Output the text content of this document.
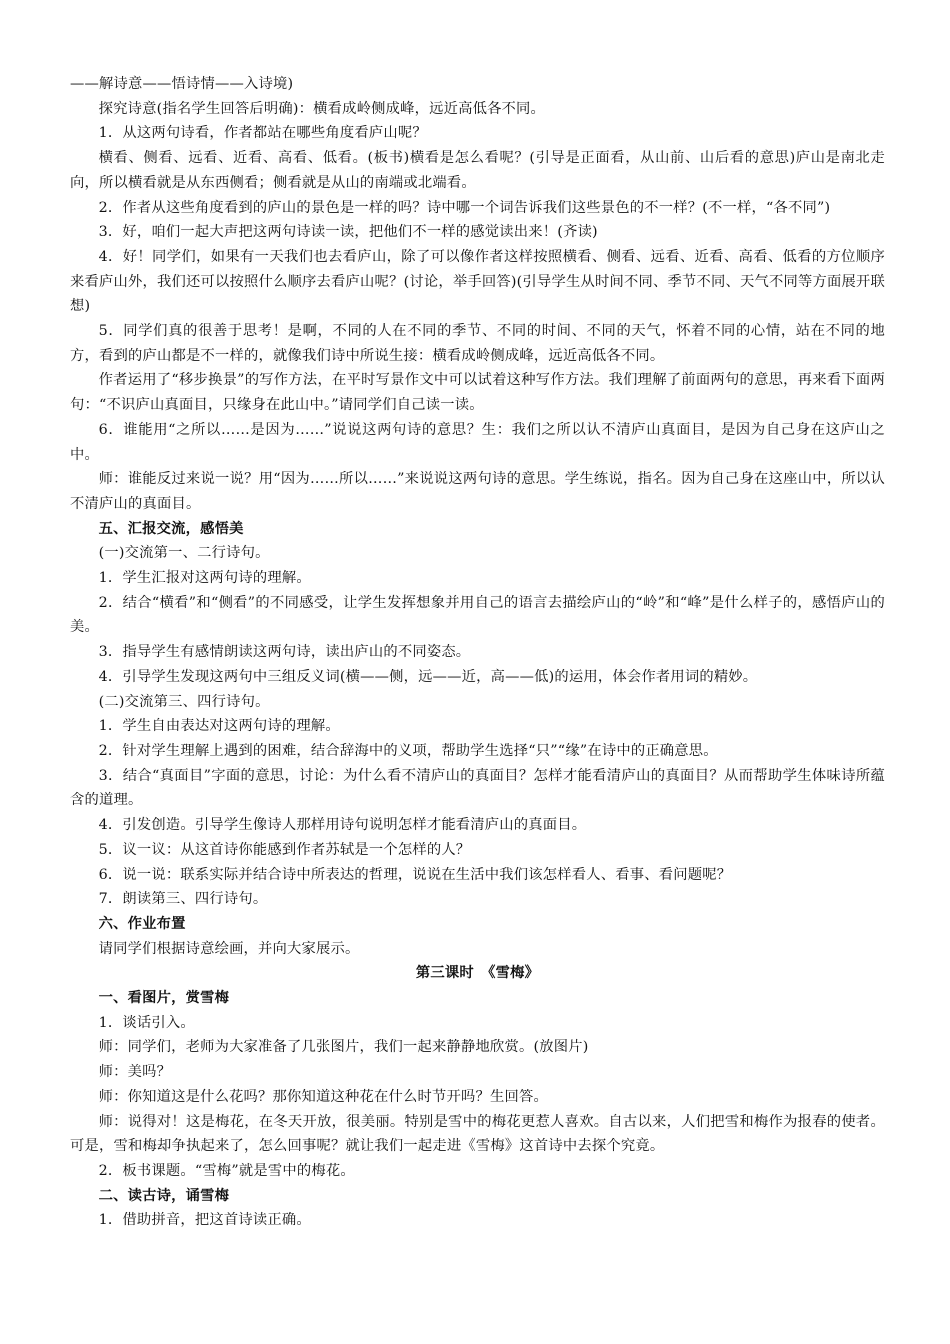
——解诗意——悟诗情——入诗境)

探究诗意(指名学生回答后明确)：横看成岭侧成峰，远近高低各不同。

1．从这两句诗看，作者都站在哪些角度看庐山呢？

横看、侧看、远看、近看、高看、低看。(板书)横看是怎么看呢？(引导是正面看，从山前、山后看的意思)庐山是南北走向，所以横看就是从东西侧看；侧看就是从山的南端或北端看。

2．作者从这些角度看到的庐山的景色是一样的吗？诗中哪一个词告诉我们这些景色的不一样？(不一样，“各不同”)

3．好，咱们一起大声把这两句诗读一读，把他们不一样的感觉读出来！(齐读)

4．好！同学们，如果有一天我们也去看庐山，除了可以像作者这样按照横看、侧看、远看、近看、高看、低看的方位顺序来看庐山外，我们还可以按照什么顺序去看庐山呢？(讨论，举手回答)(引导学生从时间不同、季节不同、天气不同等方面展开联想)

5．同学们真的很善于思考！是啊，不同的人在不同的季节、不同的时间、不同的天气，怀着不同的心情，站在不同的地方，看到的庐山都是不一样的，就像我们诗中所说生接：横看成岭侧成峰，远近高低各不同。

作者运用了“移步换景”的写作方法，在平时写景作文中可以试着这种写作方法。我们理解了前面两句的意思，再来看下面两句：“不识庐山真面目，只缘身在此山中。”请同学们自己读一读。

6．谁能用“之所以……是因为……”说说这两句诗的意思？生：我们之所以认不清庐山真面目，是因为自己身在这庐山之中。

师：谁能反过来说一说？用“因为……所以……”来说说这两句诗的意思。学生练说，指名。因为自己身在这座山中，所以认不清庐山的真面目。

五、汇报交流，感悟美

(一)交流第一、二行诗句。

1．学生汇报对这两句诗的理解。

2．结合“横看”和“侧看”的不同感受，让学生发挥想象并用自己的语言去描绘庐山的“岭”和“峰”是什么样子的，感悟庐山的美。

3．指导学生有感情朗读这两句诗，读出庐山的不同姿态。

4．引导学生发现这两句中三组反义词(横——侧，远——近，高——低)的运用，体会作者用词的精妙。

(二)交流第三、四行诗句。

1．学生自由表达对这两句诗的理解。

2．针对学生理解上遇到的困难，结合辞海中的义项，帮助学生选择“只”“缘”在诗中的正确意思。

3．结合“真面目”字面的意思，讨论：为什么看不清庐山的真面目？怎样才能看清庐山的真面目？从而帮助学生体味诗所蕴含的道理。

4．引发创造。引导学生像诗人那样用诗句说明怎样才能看清庐山的真面目。

5．议一议：从这首诗你能感到作者苏轼是一个怎样的人？

6．说一说：联系实际并结合诗中所表达的哲理，说说在生活中我们该怎样看人、看事、看问题呢？

7．朗读第三、四行诗句。

六、作业布置

请同学们根据诗意绘画，并向大家展示。

第三课时　《雪梅》

一、看图片，赏雪梅

1．谈话引入。

师：同学们，老师为大家准备了几张图片，我们一起来静静地欣赏。(放图片)

师：美吗？

师：你知道这是什么花吗？那你知道这种花在什么时节开吗？生回答。

师：说得对！这是梅花，在冬天开放，很美丽。特别是雪中的梅花更惹人喜欢。自古以来，人们把雪和梅作为报春的使者。可是，雪和梅却争执起来了，怎么回事呢？就让我们一起走进《雪梅》这首诗中去探个究竟。

2．板书课题。“雪梅”就是雪中的梅花。

二、读古诗，诵雪梅

1．借助拼音，把这首诗读正确。
